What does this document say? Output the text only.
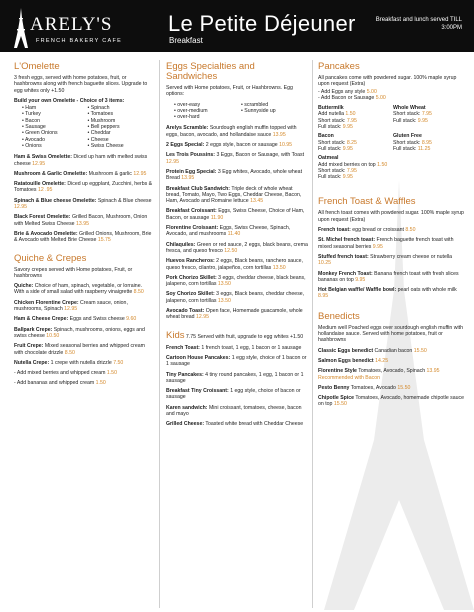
ARELY'S
FRENCH BAKERY CAFE
Le Petite Déjeuner
Breakfast
Breakfast and lunch served TILL 3:00PM
L'Omelette
3 fresh eggs, served with home potatoes, fruit, or hashbrowns along with french baguette slices. Upgrade to egg whites only +1.50
Build your own Omelette - Choice of 3 items:
• Ham	• Spinach
• Turkey	• Tomatoes
• Bacon	• Mushroom
• Sausage	• Bell peppers
• Green Onions	• Cheddar
• Avocado	• Cheese
• Onions	• Swiss Cheese
Ham & Swiss Omelette: Diced up ham with melted swiss cheese 12.95
Mushroom & Garlic Omelette: Mushroom & garlic 12.95
Ratatouille Omelette: Diced up eggplant, Zucchini, herbs & Tomatoes 12 .95
Spinach & Blue cheese Omelette: Spinach & Blue cheese 12.95
Black Forest Omelette: Grilled Bacon, Mushroom, Onion with Melted Swiss Cheese 13.95
Brie & Avocado Omelette: Grilled Onions, Mushroom, Brie & Avocado with Melted Brie Cheese 15.75
Quiche & Crepes
Savory crepes served with Home potatoes, Fruit, or hashbrowns
Quiche: Choice of ham, spinach, vegetable, or lorraine. With a side of small salad with raspberry vinaigrette 8.50
Chicken Florentine Crepe: Cream sauce, onion, mushrooms, Spinach 12.95
Ham & Cheese Crepe: Eggs and Swiss cheese 9.60
Ballpark Crepe: Spinach, mushrooms, onions, eggs and swiss cheese 10.50
Fruit Crepe: Mixed seasonal berries and whipped cream with chocolate drizzle 8.50
Nutella Crepe: 1 crepe with nutella drizzle 7.50
- Add mixed berries and whipped cream 1.50
- Add bananas and whipped cream 1.50
Eggs Specialties and Sandwiches
Served with Home potatoes, Fruit, or Hashbrowns. Egg options:
• over-easy	• scrambled
• over-medium	• Sunnyside up
• over-hard
Arelys Scramble: Sourdough english muffin topped with eggs, bacon, avocado, and hollandaise sauce 13.95
2 Eggs Special: 2 eggs style, bacon or sausage 10.95
Les Trois Poussins: 3 Eggs, Bacon or Sausage, with Toast 12.95
Protein Egg Special: 3 Egg whites, Avocado, whole wheat Bread 13.95
Breakfast Club Sandwich: Triple deck of whole wheat bread, Tomato, Mayo, Two Eggs, Cheddar Cheese, Bacon, Ham, Avocado and Romaine lettuce 13.45
Breakfast Croissant: Eggs, Swiss Cheese, Choice of Ham, Bacon, or sausage 11.90
Florentine Croissant: Eggs, Swiss Cheese, Spinach, Avocado, and mushrooms 11.40
Chilaquiles: Green or red sauce, 2 eggs, black beans, crema fresca, and queso fresco 12.50
Huevos Rancheros: 2 eggs, Black beans, ranchero sauce, queso fresco, cilantro, jalapeños, corn tortillas 13.50
Pork Chorizo Skillet: 3 eggs, cheddar cheese, black beans, jalapeno, corn tortillas 13.50
Soy Chorizo Skillet: 3 eggs, Black beans, cheddar cheese, jalapeno, corn tortillas 13.50
Avocado Toast: Open face, Homemade guacamole, whole wheat bread 12.95
Kids 7.75 Served with fruit, upgrade to egg whites +1.50
French Toast: 1 french toast, 1 egg, 1 bacon or 1 sausage
Cartoon House Pancakes: 1 egg style, choice of 1 bacon or 1 sausage
Tiny Pancakes: 4 tiny round pancakes, 1 egg, 1 bacon or 1 sausage
Breakfast Tiny Croissant: 1 egg style, choice of bacon or sausage
Karen sandwich: Mini croissant, tomatoes, cheese, bacon and mayo
Grilled Cheese: Toasted white bread with Cheddar Cheese
Pancakes
All pancakes come with powdered sugar. 100% maple syrup upon request (Extra)
- Add Eggs any style 5.00
- Add Bacon or Sausage 5.00
Buttermilk
Add nutella 1.50
Short stack: 7.95
Full stack: 9.95
Whole Wheat
Short stack: 7.95
Full stack: 9.95
Bacon
Short stack: 8.25
Full stack: 9.95
Gluten Free
Short stack: 8.95
Full stack: 11.25
Oatmeal
Add mixed berries on top 1.50
Short stack: 7.95
Full stack: 9.95
French Toast & Waffles
All french toast comes with powdered sugar. 100% maple syrup upon request (Extra)
French toast: egg bread or croissant 8.50
St. Michel french toast: French baguette french toast with mixed seasonal berries 9.95
Stuffed french toast: Strawberry cream cheese or nutella 10.25
Monkey French Toast: Banana french toast with fresh slices bananas on top 9.95
Hot Belgian waffle/ Waffle bowl: pearl oats with whole milk 8.95
Benedicts
Medium well Poached eggs over sourdough english muffin with hollandaise sauce. Served with home potatoes, fruit or hashbrowns
Classic Eggs benedict Canadian bacon 15.50
Salmon Eggs benedict 14.25
Florentine Style Tomatoes, Avocado, Spinach 13.95 Recommended with Bacon
Pesto Benny Tomatoes, Avocado 15.50
Chipotle Spice Tomatoes, Avocado, homemade chipotle sauce on top 15.50
